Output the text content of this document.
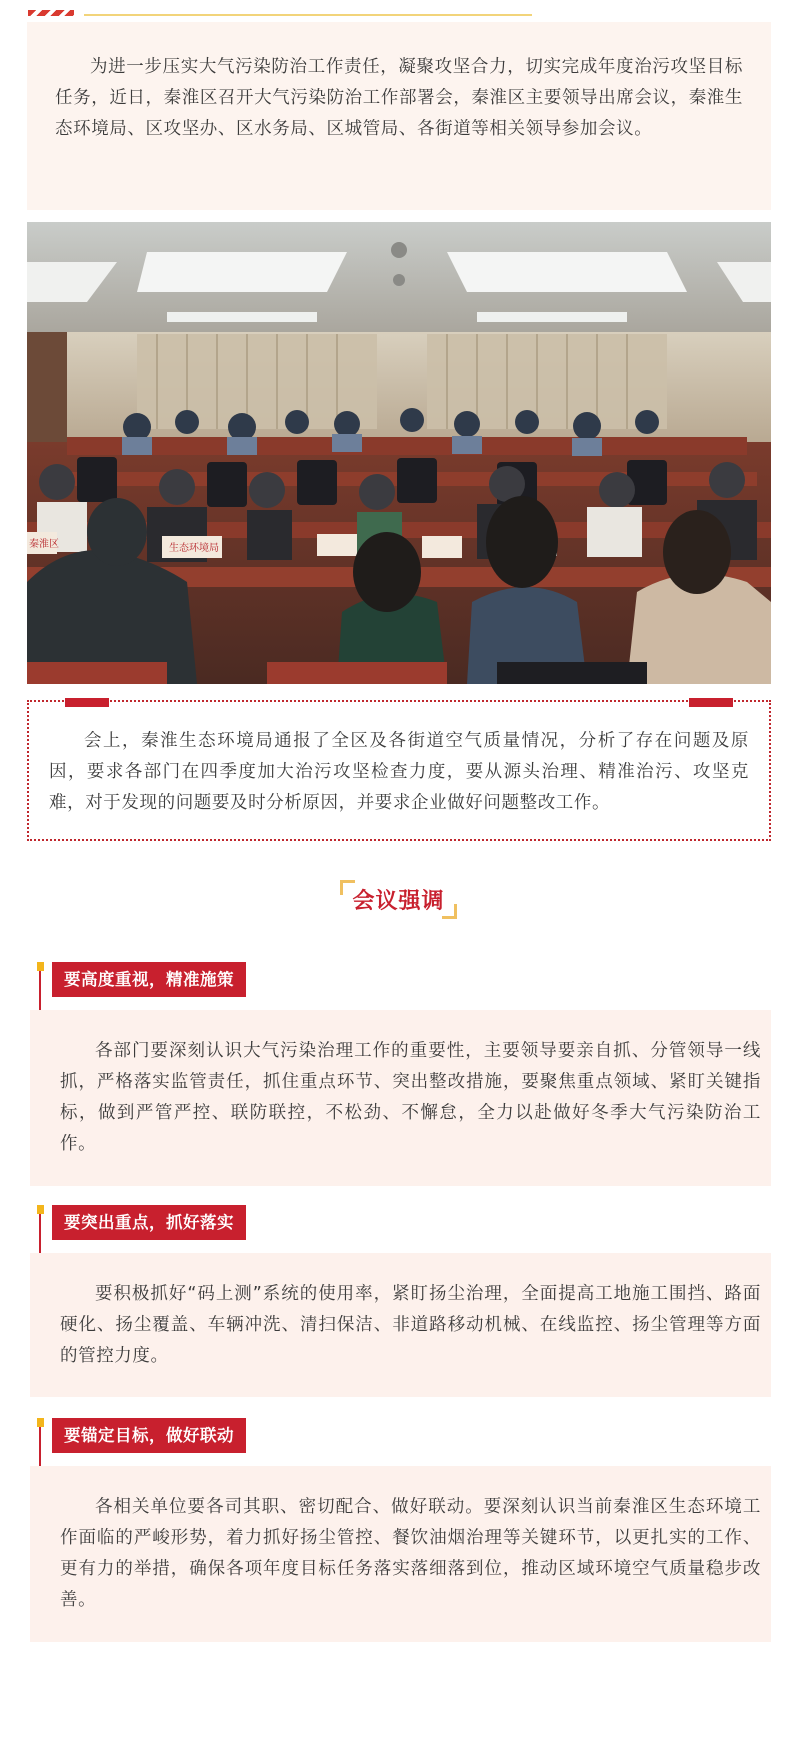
为进一步压实大气污染防治工作责任，凝聚攻坚合力，切实完成年度治污攻坚目标任务，近日，秦淮区召开大气污染防治工作部署会，秦淮区主要领导出席会议，秦淮生态环境局、区攻坚办、区水务局、区城管局、各街道等相关领导参加会议。

秦淮区	生态环境局

会上，秦淮生态环境局通报了全区及各街道空气质量情况，分析了存在问题及原因，要求各部门在四季度加大治污攻坚检查力度，要从源头治理、精准治污、攻坚克难，对于发现的问题要及时分析原因，并要求企业做好问题整改工作。

会议强调
要高度重视，精准施策

各部门要深刻认识大气污染治理工作的重要性，主要领导要亲自抓、分管领导一线抓，严格落实监管责任，抓住重点环节、突出整改措施，要聚焦重点领域、紧盯关键指标，做到严管严控、联防联控，不松劲、不懈怠，全力以赴做好冬季大气污染防治工作。

要突出重点，抓好落实

要积极抓好“码上测”系统的使用率，紧盯扬尘治理，全面提高工地施工围挡、路面硬化、扬尘覆盖、车辆冲洗、清扫保洁、非道路移动机械、在线监控、扬尘管理等方面的管控力度。

要锚定目标，做好联动

各相关单位要各司其职、密切配合、做好联动。要深刻认识当前秦淮区生态环境工作面临的严峻形势，着力抓好扬尘管控、餐饮油烟治理等关键环节，以更扎实的工作、更有力的举措，确保各项年度目标任务落实落细落到位，推动区域环境空气质量稳步改善。
